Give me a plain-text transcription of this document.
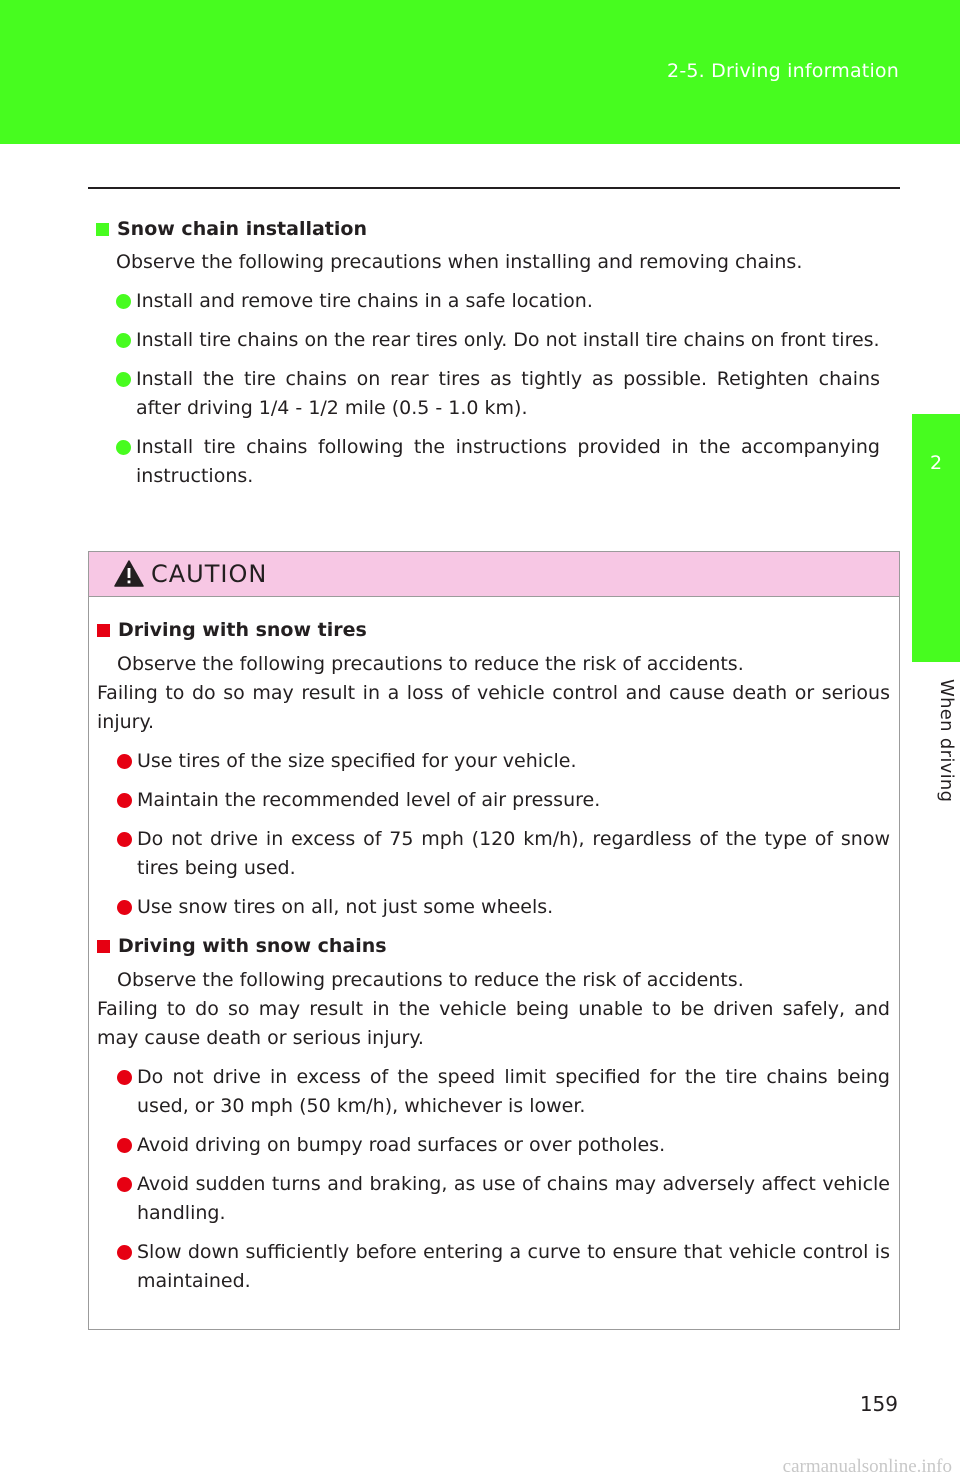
2-5. Driving information
2
When driving
Snow chain installation

Observe the following precautions when installing and removing chains.

Install and remove tire chains in a safe location.
Install tire chains on the rear tires only. Do not install tire chains on front tires.
Install the tire chains on rear tires as tightly as possible. Retighten chains after driving 1/4 - 1/2 mile (0.5 - 1.0 km).
Install tire chains following the instructions provided in the accompanying instructions.
CAUTION
Driving with snow tires

Observe the following precautions to reduce the risk of accidents.

Failing to do so may result in a loss of vehicle control and cause death or serious injury.

Use tires of the size specified for your vehicle.
Maintain the recommended level of air pressure.
Do not drive in excess of 75 mph (120 km/h), regardless of the type of snow tires being used.
Use snow tires on all, not just some wheels.
Driving with snow chains

Observe the following precautions to reduce the risk of accidents.

Failing to do so may result in the vehicle being unable to be driven safely, and may cause death or serious injury.

Do not drive in excess of the speed limit specified for the tire chains being used, or 30 mph (50 km/h), whichever is lower.
Avoid driving on bumpy road surfaces or over potholes.
Avoid sudden turns and braking, as use of chains may adversely affect vehicle handling.
Slow down sufficiently before entering a curve to ensure that vehicle control is maintained.
159
carmanualsonline.info
